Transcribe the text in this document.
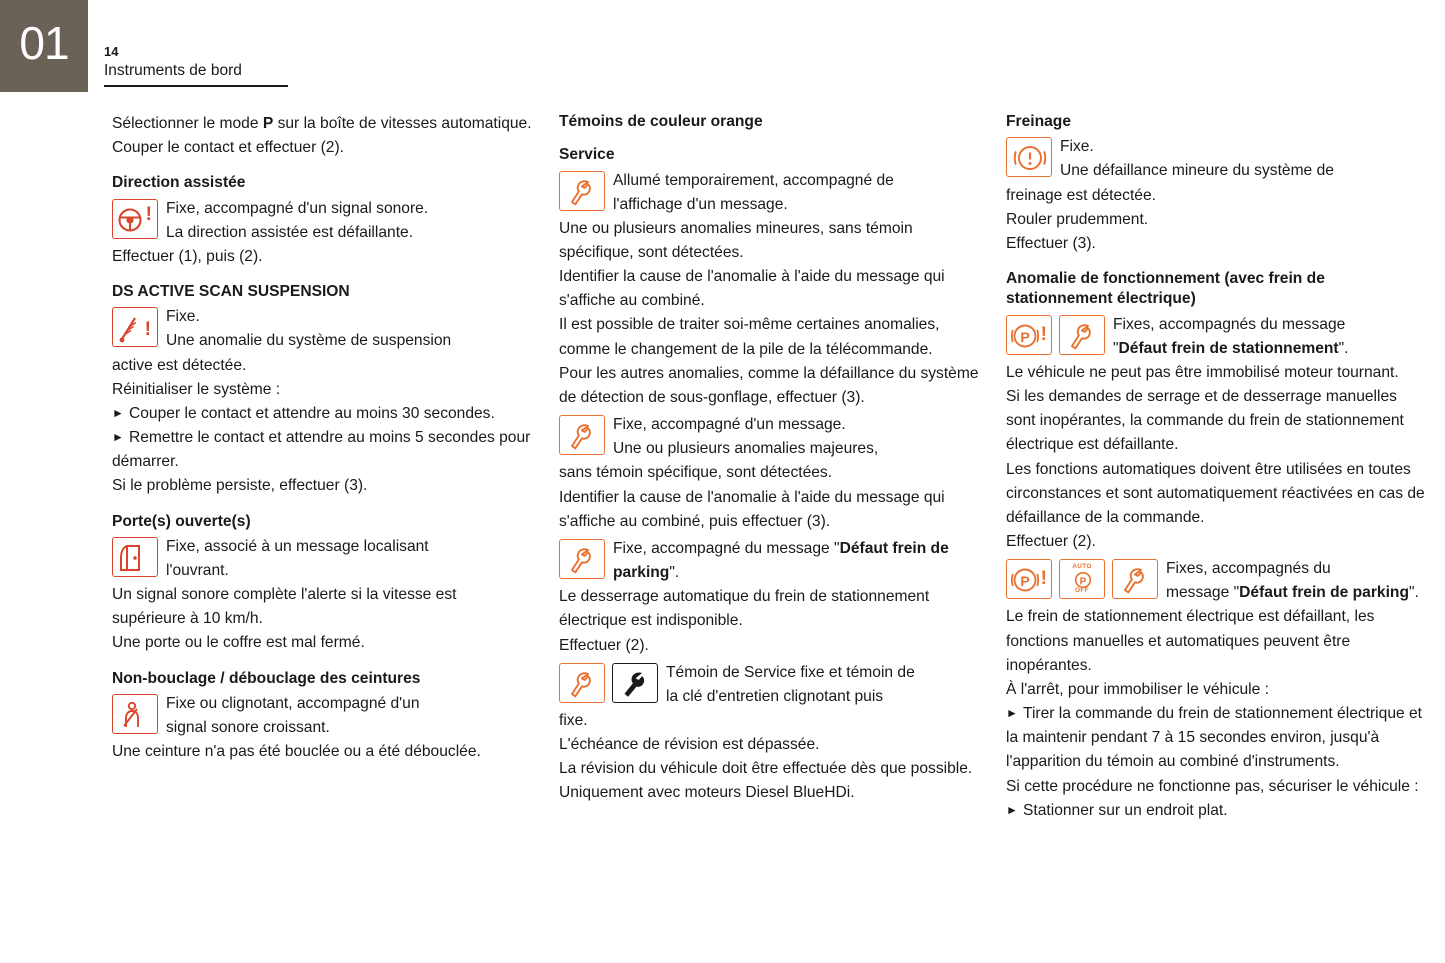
01	14
Instruments de bord

Sélectionner le mode P sur la boîte de vitesses automatique.

Couper le contact et effectuer (2).

Direction assistée
! Fixe, accompagné d'un signal sonore.

La direction assistée est défaillante.

Effectuer (1), puis (2).

DS ACTIVE SCAN SUSPENSION
!

Fixe.

Une anomalie du système de suspension

active est détectée.

Réinitialiser le système :

► Couper le contact et attendre au moins 30 secondes.

► Remettre le contact et attendre au moins 5 secondes pour démarrer.

Si le problème persiste, effectuer (3).

Porte(s) ouverte(s)

Fixe, associé à un message localisant

l'ouvrant.

Un signal sonore complète l'alerte si la vitesse est supérieure à 10 km/h.

Une porte ou le coffre est mal fermé.

Non-bouclage / débouclage des ceintures

Fixe ou clignotant, accompagné d'un

signal sonore croissant.

Une ceinture n'a pas été bouclée ou a été débouclée.

Témoins de couleur orange
Service

Allumé temporairement, accompagné de

l'affichage d'un message.

Une ou plusieurs anomalies mineures, sans témoin spécifique, sont détectées.

Identifier la cause de l'anomalie à l'aide du message qui s'affiche au combiné.

Il est possible de traiter soi-même certaines anomalies, comme le changement de la pile de la télécommande.

Pour les autres anomalies, comme la défaillance du système de détection de sous-gonflage, effectuer (3).

Fixe, accompagné d'un message.

Une ou plusieurs anomalies majeures,

sans témoin spécifique, sont détectées.

Identifier la cause de l'anomalie à l'aide du message qui s'affiche au combiné, puis effectuer (3).

Fixe, accompagné du message "Défaut frein de parking".

Le desserrage automatique du frein de stationnement électrique est indisponible.

Effectuer (2).

Témoin de Service fixe et témoin de

la clé d'entretien clignotant puis

fixe.

L'échéance de révision est dépassée.

La révision du véhicule doit être effectuée dès que possible.

Uniquement avec moteurs Diesel BlueHDi.

Freinage

Fixe.

Une défaillance mineure du système de

freinage est détectée.

Rouler prudemment.

Effectuer (3).

Anomalie de fonctionnement (avec frein de stationnement électrique)
P !	Fixes, accompagnés du message

"Défaut frein de stationnement".

Le véhicule ne peut pas être immobilisé moteur tournant.

Si les demandes de serrage et de desserrage manuelles sont inopérantes, la commande du frein de stationnement électrique est défaillante.

Les fonctions automatiques doivent être utilisées en toutes circonstances et sont automatiquement réactivées en cas de défaillance de la commande.

Effectuer (2).

P !
AUTO
P
OFF

Fixes, accompagnés du

message "Défaut frein de parking".

Le frein de stationnement électrique est défaillant, les fonctions manuelles et automatiques peuvent être inopérantes.

À l'arrêt, pour immobiliser le véhicule :

► Tirer la commande du frein de stationnement électrique et la maintenir pendant 7 à 15 secondes environ, jusqu'à l'apparition du témoin au combiné d'instruments.

Si cette procédure ne fonctionne pas, sécuriser le véhicule :

► Stationner sur un endroit plat.
